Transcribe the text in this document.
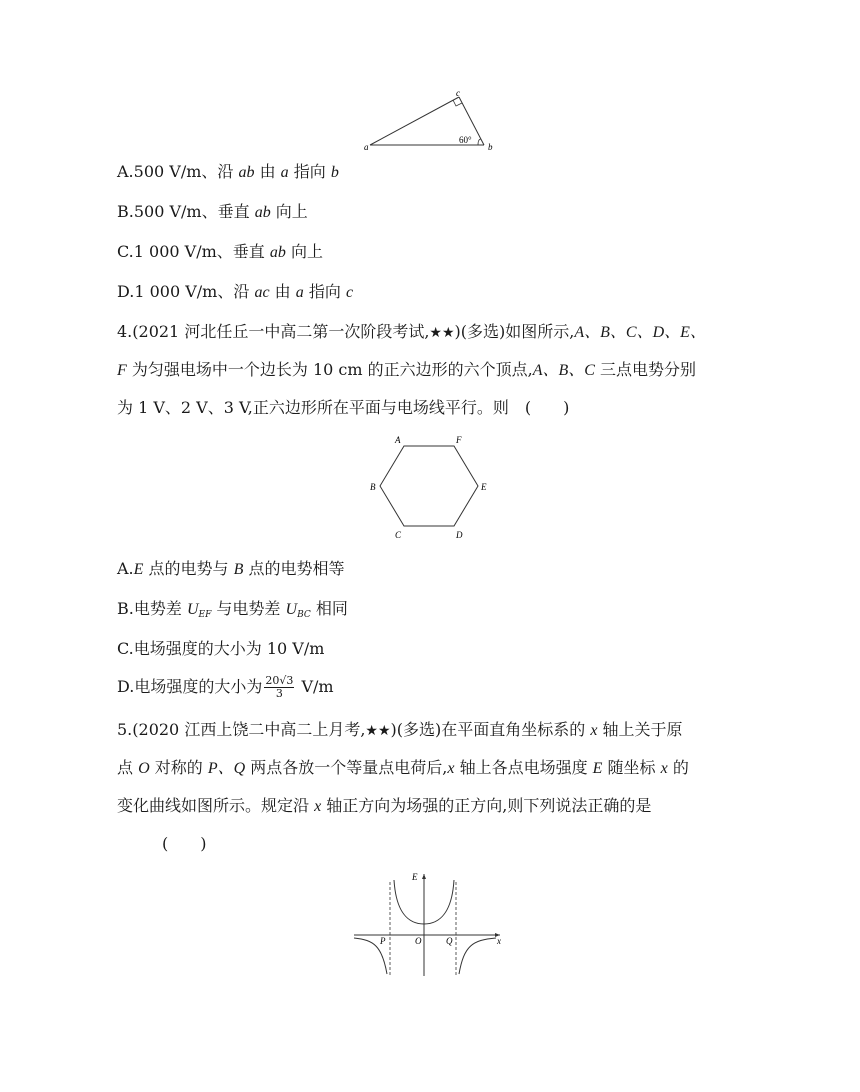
a
c
b
60°
A.500 V/m、沿 ab 由 a 指向 b
B.500 V/m、垂直 ab 向上
C.1 000 V/m、垂直 ab 向上
D.1 000 V/m、沿 ac 由 a 指向 c
4.(2021 河北任丘一中高二第一次阶段考试,★★)(多选)如图所示,A、B、C、D、E、
F 为匀强电场中一个边长为 10 cm 的正六边形的六个顶点,A、B、C 三点电势分别
为 1 V、2 V、3 V,正六边形所在平面与电场线平行。则　(　　)
A	F
B	E
C	D
A.E 点的电势与 B 点的电势相等
B.电势差 $U_{EF}$ 与电势差 $U_{BC}$ 相同
C.电场强度的大小为 10 V/m
D.电场强度的大小为 $\frac{20√3}{3} V/m$
5.(2020 江西上饶二中高二上月考,★★)(多选)在平面直角坐标系的 x 轴上关于原
点 O 对称的 P、Q 两点各放一个等量点电荷后,x 轴上各点电场强度 E 随坐标 x 的
变化曲线如图所示。规定沿 x 轴正方向为场强的正方向,则下列说法正确的是
(　　)
E
x
P	O	Q
